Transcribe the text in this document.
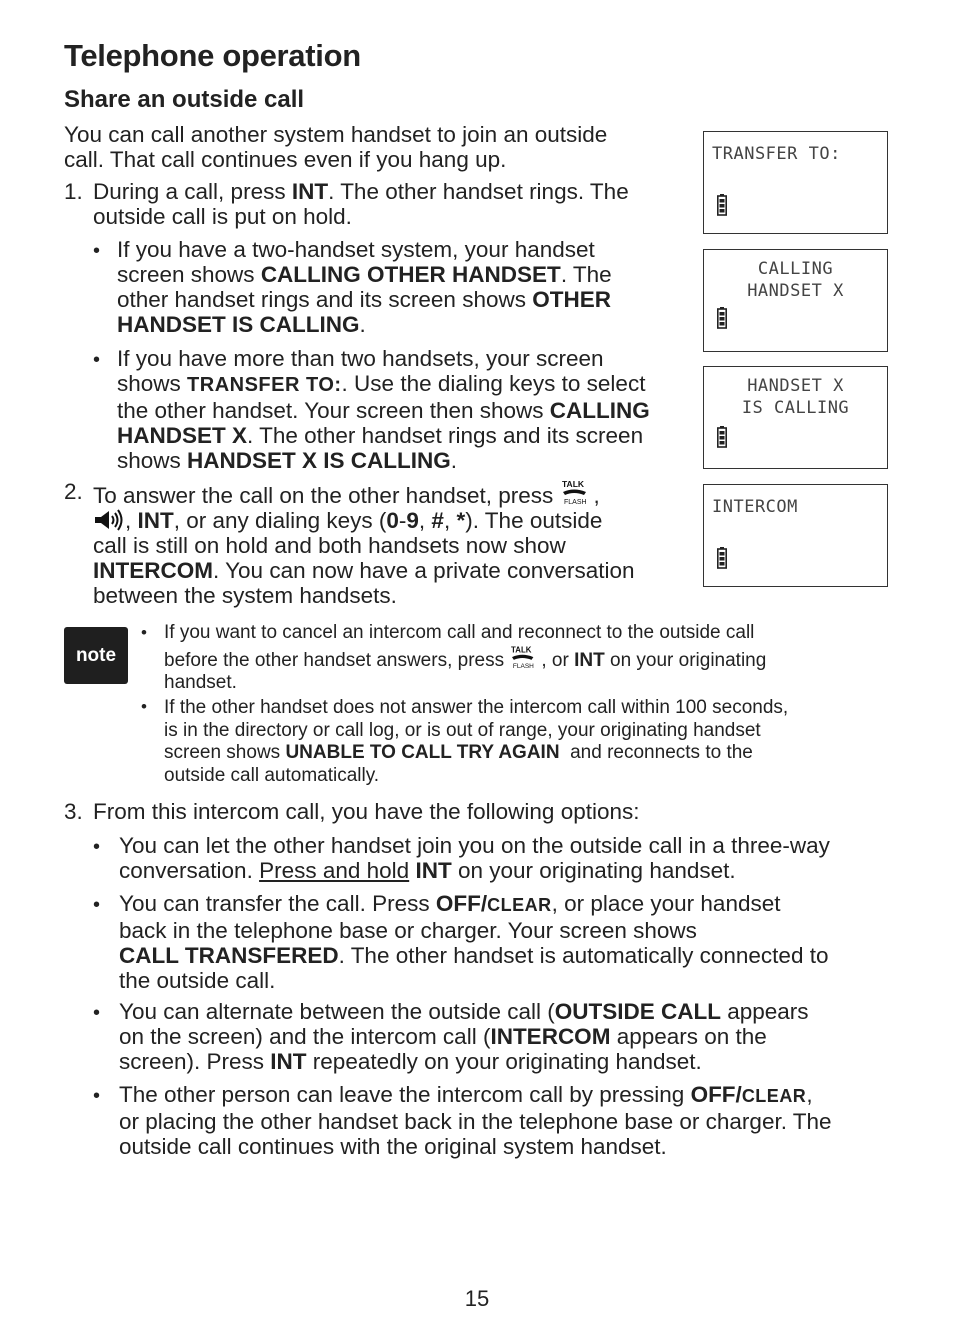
Telephone operation
Share an outside call
You can call another system handset to join an outside
call. That call continues even if you hang up.
1. During a call, press INT. The other handset rings. The
outside call is put on hold.
• If you have a two-handset system, your handset
screen shows CALLING OTHER HANDSET. The
other handset rings and its screen shows OTHER
HANDSET IS CALLING.
• If you have more than two handsets, your screen
shows TRANSFER TO:. Use the dialing keys to select
the other handset. Your screen then shows CALLING
HANDSET X. The other handset rings and its screen
shows HANDSET X IS CALLING.
2. To answer the call on the other handset, press TALK
FLASH ,
, INT, or any dialing keys (0-9, #, *). The outside
call is still on hold and both handsets now show
INTERCOM. You can now have a private conversation
between the system handsets.
TRANSFER TO:
CALLING
HANDSET X
HANDSET X
IS CALLING
INTERCOM
note
• If you want to cancel an intercom call and reconnect to the outside call
before the other handset answers, press
TALK
FLASH , or INT on your originating
handset.
• If the other handset does not answer the intercom call within 100 seconds,
is in the directory or call log, or is out of range, your originating handset
screen shows UNABLE TO CALL TRY AGAIN  and reconnects to the
outside call automatically.
3. From this intercom call, you have the following options:
• You can let the other handset join you on the outside call in a three-way
conversation. Press and hold INT on your originating handset.
• You can transfer the call. Press OFF/CLEAR, or place your handset
back in the telephone base or charger. Your screen shows
CALL TRANSFERED. The other handset is automatically connected to
the outside call.
• You can alternate between the outside call (OUTSIDE CALL appears
on the screen) and the intercom call (INTERCOM appears on the
screen). Press INT repeatedly on your originating handset.
• The other person can leave the intercom call by pressing OFF/CLEAR,
or placing the other handset back in the telephone base or charger. The
outside call continues with the original system handset.
15
